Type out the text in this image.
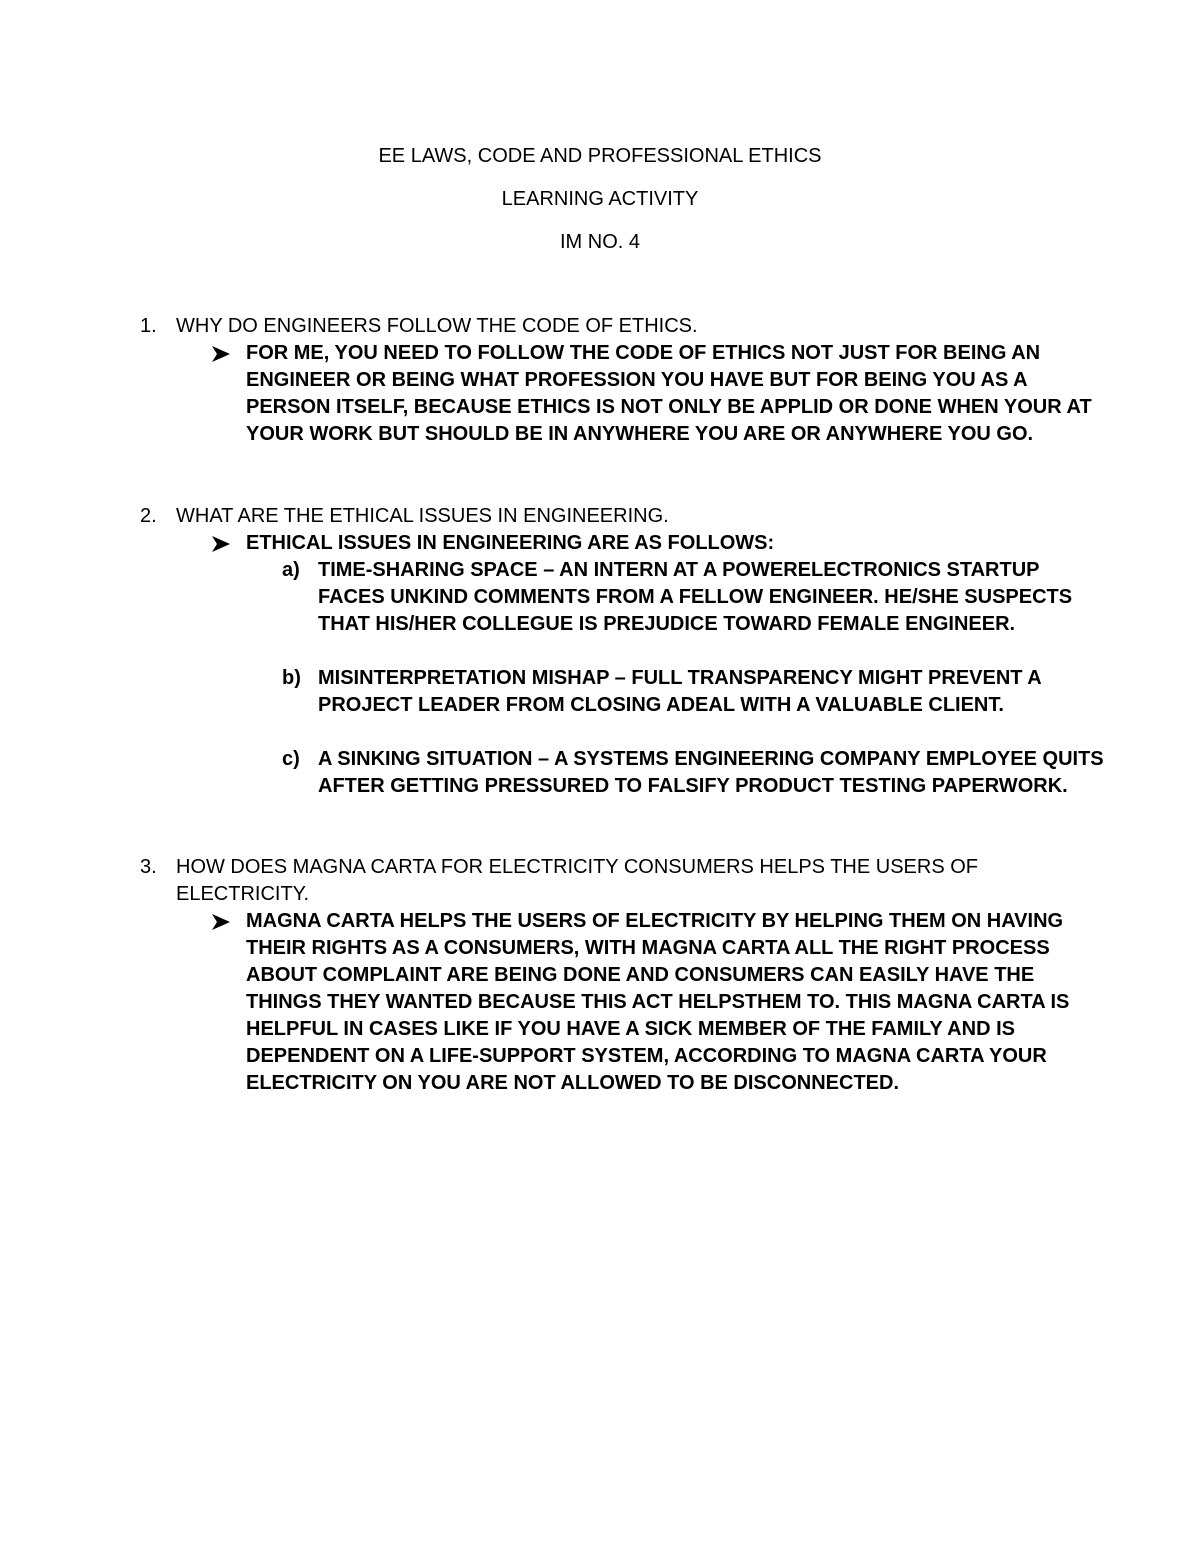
EE LAWS, CODE AND PROFESSIONAL ETHICS
LEARNING ACTIVITY
IM NO. 4
1. WHY DO ENGINEERS FOLLOW THE CODE OF ETHICS.
FOR ME, YOU NEED TO FOLLOW THE CODE OF ETHICS NOT JUST FOR BEING AN ENGINEER OR BEING WHAT PROFESSION YOU HAVE BUT FOR BEING YOU AS A PERSON ITSELF, BECAUSE ETHICS IS NOT ONLY BE APPLID OR DONE WHEN YOUR AT YOUR WORK BUT SHOULD BE IN ANYWHERE YOU ARE OR ANYWHERE YOU GO.
2. WHAT ARE THE ETHICAL ISSUES IN ENGINEERING.
ETHICAL ISSUES IN ENGINEERING ARE AS FOLLOWS:
a) TIME-SHARING SPACE – AN INTERN AT A POWERELECTRONICS STARTUP FACES UNKIND COMMENTS FROM A FELLOW ENGINEER. HE/SHE SUSPECTS THAT HIS/HER COLLEGUE IS PREJUDICE TOWARD FEMALE ENGINEER.
b) MISINTERPRETATION MISHAP – FULL TRANSPARENCY MIGHT PREVENT A PROJECT LEADER FROM CLOSING ADEAL WITH A VALUABLE CLIENT.
c) A SINKING SITUATION – A SYSTEMS ENGINEERING COMPANY EMPLOYEE QUITS AFTER GETTING PRESSURED TO FALSIFY PRODUCT TESTING PAPERWORK.
3. HOW DOES MAGNA CARTA FOR ELECTRICITY CONSUMERS HELPS THE USERS OF ELECTRICITY.
MAGNA CARTA HELPS THE USERS OF ELECTRICITY BY HELPING THEM ON HAVING THEIR RIGHTS AS A CONSUMERS, WITH MAGNA CARTA ALL THE RIGHT PROCESS ABOUT COMPLAINT ARE BEING DONE AND CONSUMERS CAN EASILY HAVE THE THINGS THEY WANTED BECAUSE THIS ACT HELPSTHEM TO. THIS MAGNA CARTA IS HELPFUL IN CASES LIKE IF YOU HAVE A SICK MEMBER OF THE FAMILY AND IS DEPENDENT ON A LIFE-SUPPORT SYSTEM, ACCORDING TO MAGNA CARTA YOUR ELECTRICITY ON YOU ARE NOT ALLOWED TO BE DISCONNECTED.
